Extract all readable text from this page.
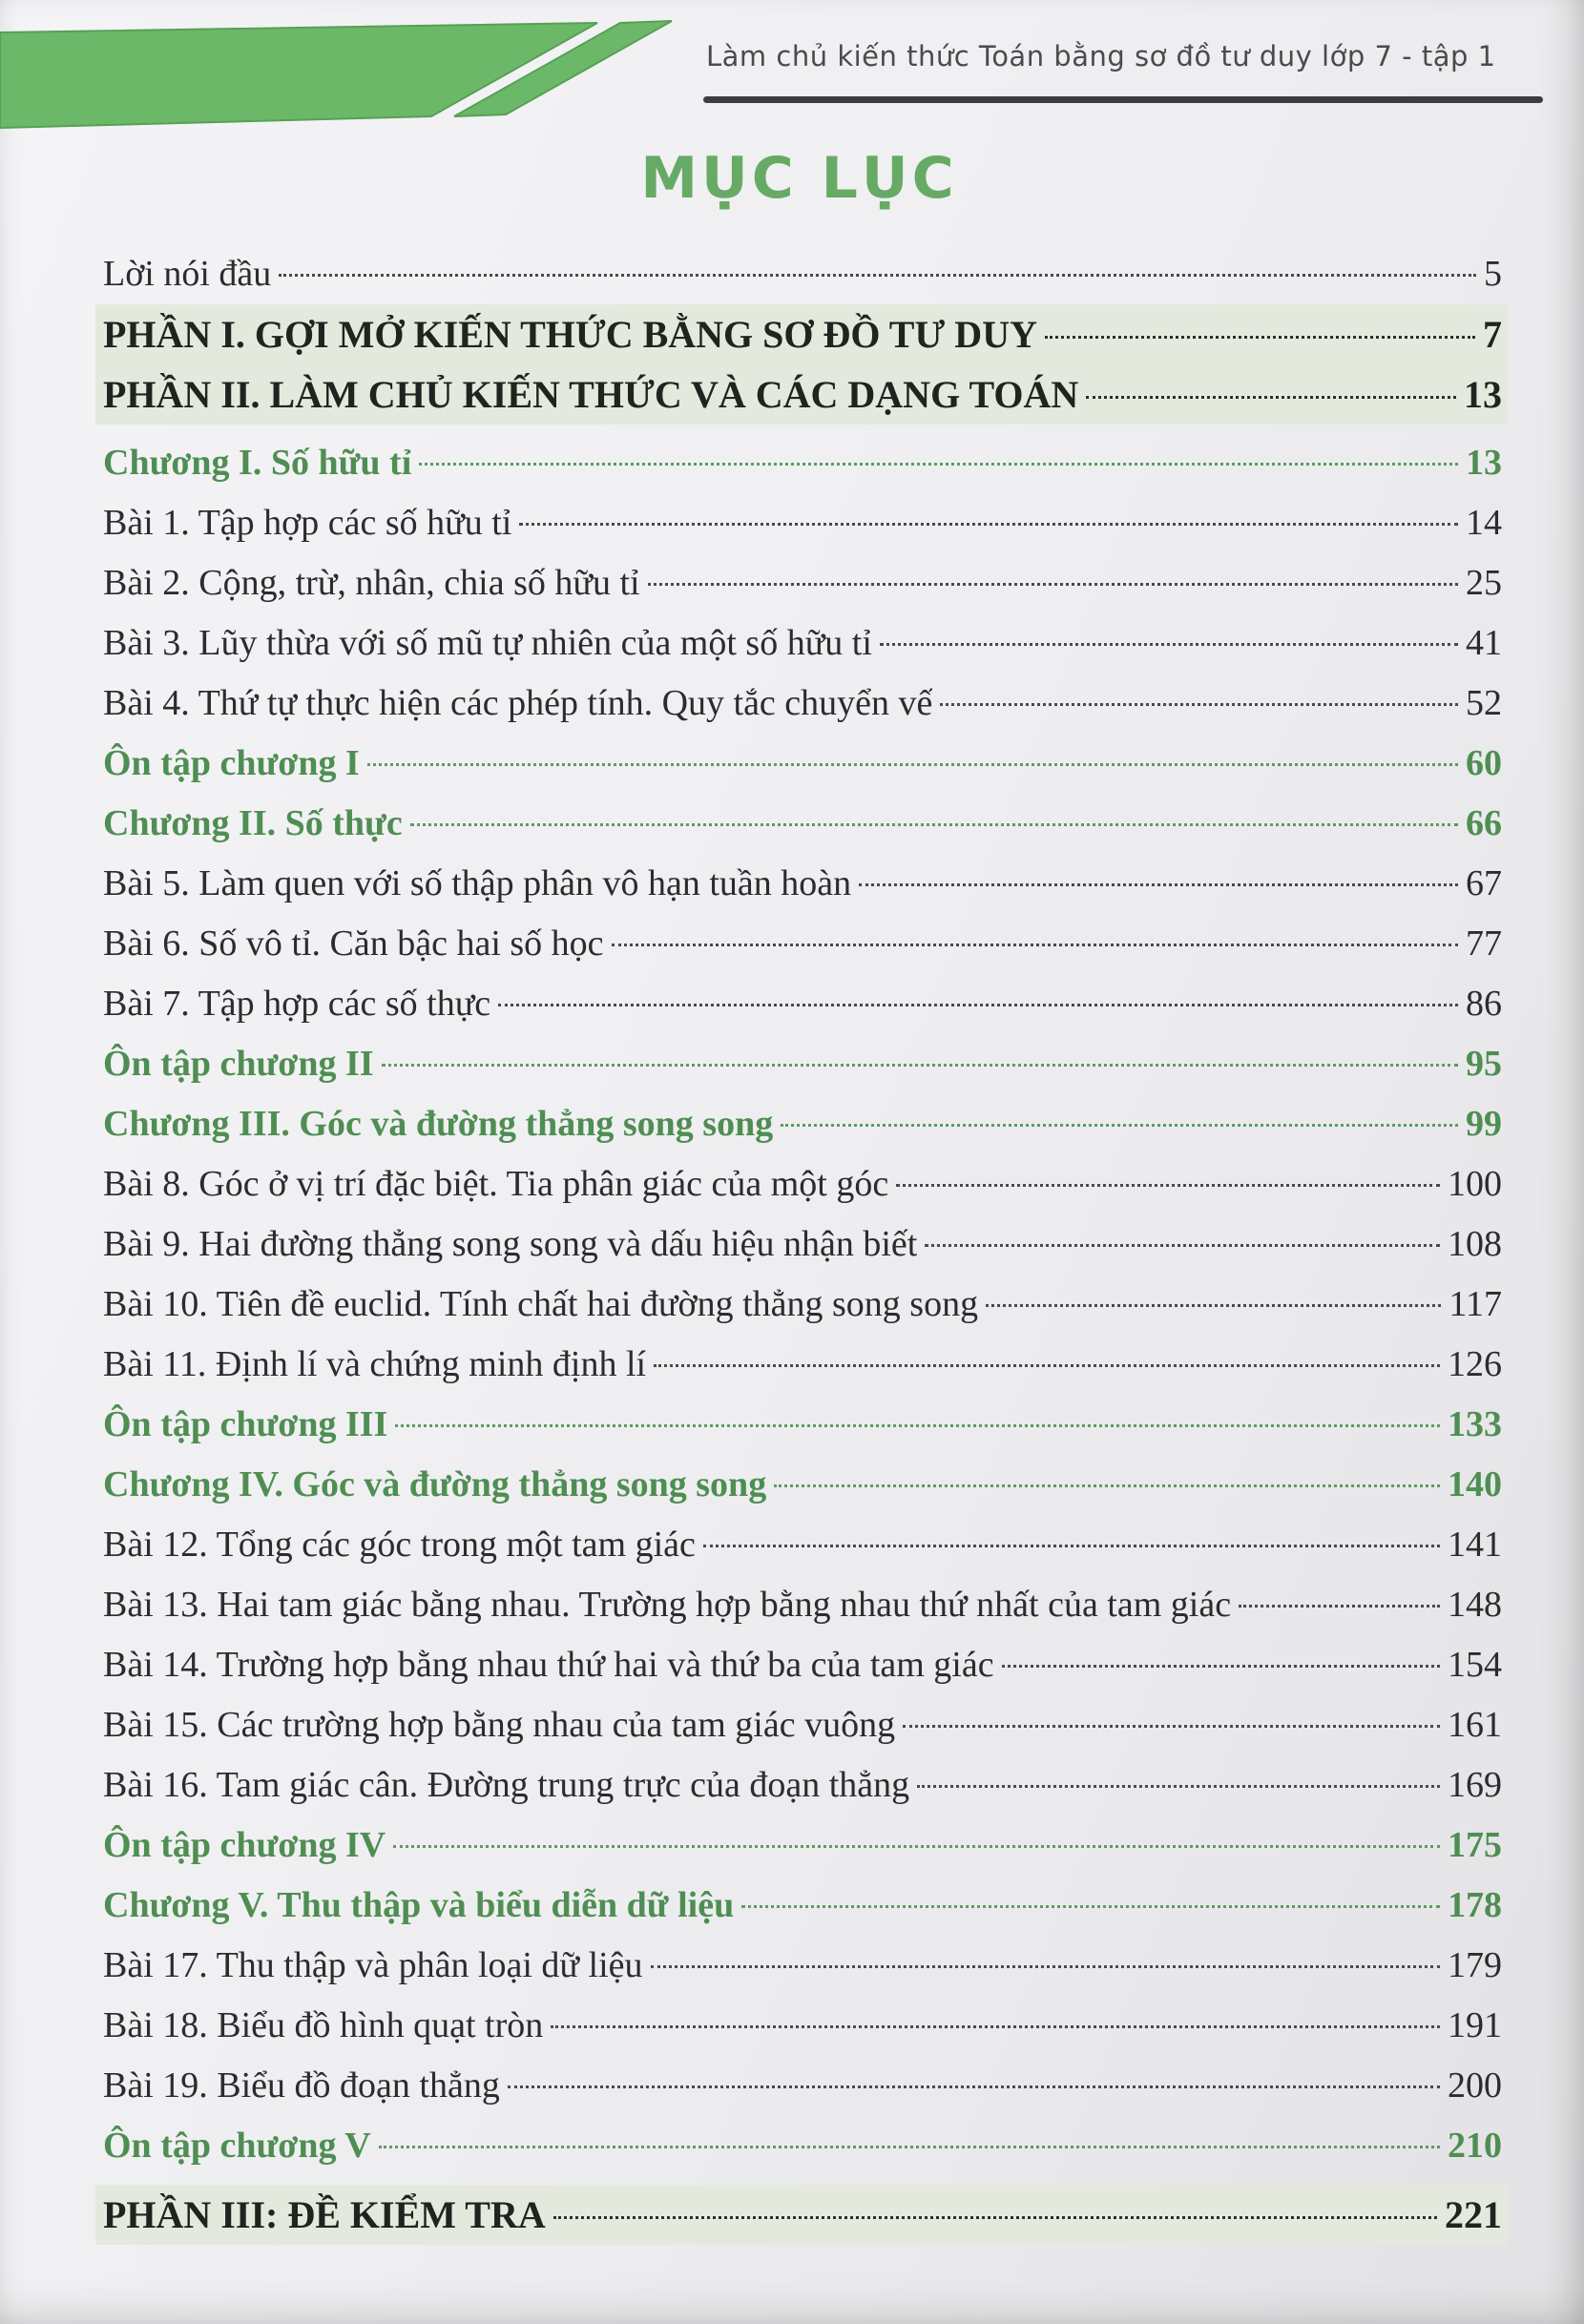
Làm chủ kiến thức Toán bằng sơ đồ tư duy lớp 7 - tập 1
MỤC LỤC
Lời nói đầu	5
PHẦN I. GỢI MỞ KIẾN THỨC BẰNG SƠ ĐỒ TƯ DUY	7
PHẦN II. LÀM CHỦ KIẾN THỨC VÀ CÁC DẠNG TOÁN	13
Chương I. Số hữu tỉ	13
Bài 1. Tập hợp các số hữu tỉ	14
Bài 2. Cộng, trừ, nhân, chia số hữu tỉ	25
Bài 3. Lũy thừa với số mũ tự nhiên của một số hữu tỉ	41
Bài 4. Thứ tự thực hiện các phép tính. Quy tắc chuyển vế	52
Ôn tập chương I	60
Chương II. Số thực	66
Bài 5. Làm quen với số thập phân vô hạn tuần hoàn	67
Bài 6. Số vô tỉ. Căn bậc hai số học	77
Bài 7. Tập hợp các số thực	86
Ôn tập chương II	95
Chương III. Góc và đường thẳng song song	99
Bài 8. Góc ở vị trí đặc biệt. Tia phân giác của một góc	100
Bài 9. Hai đường thẳng song song và dấu hiệu nhận biết	108
Bài 10. Tiên đề euclid. Tính chất hai đường thẳng song song	117
Bài 11. Định lí và chứng minh định lí	126
Ôn tập chương III	133
Chương IV. Góc và đường thẳng song song	140
Bài 12. Tổng các góc trong một tam giác	141
Bài 13. Hai tam giác bằng nhau. Trường hợp bằng nhau thứ nhất của tam giác	148
Bài 14. Trường hợp bằng nhau thứ hai và thứ ba của tam giác	154
Bài 15. Các trường hợp bằng nhau của tam giác vuông	161
Bài 16. Tam giác cân. Đường trung trực của đoạn thẳng	169
Ôn tập chương IV	175
Chương V. Thu thập và biểu diễn dữ liệu	178
Bài 17. Thu thập và phân loại dữ liệu	179
Bài 18. Biểu đồ hình quạt tròn	191
Bài 19. Biểu đồ đoạn thẳng	200
Ôn tập chương V	210
PHẦN III: ĐỀ KIỂM TRA	221
